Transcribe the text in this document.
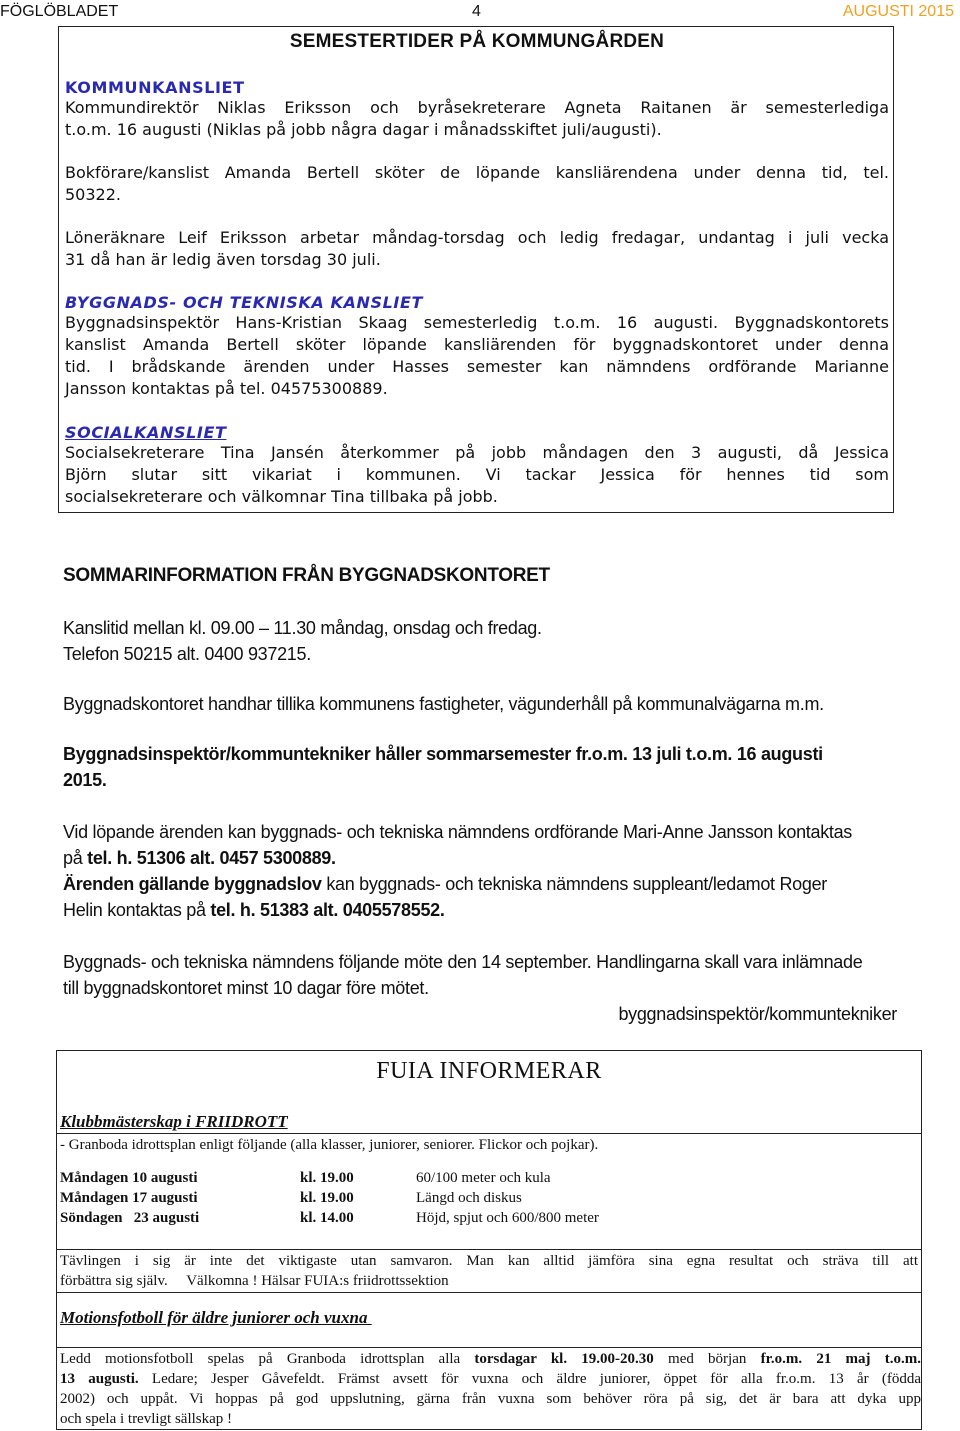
FÖGLÖBLADET	4	AUGUSTI 2015
SEMESTERTIDER PÅ KOMMUNGÅRDEN
KOMMUNKANSLIET
Kommundirektör Niklas Eriksson och byråsekreterare Agneta Raitanen är semesterlediga
t.o.m. 16 augusti (Niklas på jobb några dagar i månadsskiftet juli/augusti).
Bokförare/kanslist Amanda Bertell sköter de löpande kansliärendena under denna tid, tel.
50322.
Löneräknare Leif Eriksson arbetar måndag-torsdag och ledig fredagar, undantag i juli vecka
31 då han är ledig även torsdag 30 juli.
BYGGNADS- OCH TEKNISKA KANSLIET
Byggnadsinspektör Hans-Kristian Skaag semesterledig t.o.m. 16 augusti. Byggnadskontorets
kanslist Amanda Bertell sköter löpande kansliärenden för byggnadskontoret under denna
tid. I brådskande ärenden under Hasses semester kan nämndens ordförande Marianne
Jansson kontaktas på tel. 04575300889.
SOCIALKANSLIET
Socialsekreterare Tina Jansén återkommer på jobb måndagen den 3 augusti, då Jessica
Björn slutar sitt vikariat i kommunen. Vi tackar Jessica för hennes tid som
socialsekreterare och välkomnar Tina tillbaka på jobb.
SOMMARINFORMATION FRÅN BYGGNADSKONTORET
Kanslitid mellan kl. 09.00 – 11.30 måndag, onsdag och fredag.
Telefon 50215 alt. 0400 937215.
Byggnadskontoret handhar tillika kommunens fastigheter, vägunderhåll på kommunalvägarna m.m.
Byggnadsinspektör/kommuntekniker håller sommarsemester fr.o.m. 13 juli t.o.m. 16 augusti
2015.
Vid löpande ärenden kan byggnads- och tekniska nämndens ordförande Mari-Anne Jansson kontaktas
på tel. h. 51306 alt. 0457 5300889.
Ärenden gällande byggnadslov kan byggnads- och tekniska nämndens suppleant/ledamot Roger
Helin kontaktas på tel. h. 51383 alt. 0405578552.
Byggnads- och tekniska nämndens följande möte den 14 september. Handlingarna skall vara inlämnade
till byggnadskontoret minst 10 dagar före mötet.
byggnadsinspektör/kommuntekniker
FUIA INFORMERAR
Klubbmästerskap i FRIIDROTT
- Granboda idrottsplan enligt följande (alla klasser, juniorer, seniorer. Flickor och pojkar).
Måndagen 10 augusti	kl. 19.00	60/100 meter och kula
Måndagen 17 augusti	kl. 19.00	Längd och diskus
Söndagen   23 augusti	kl. 14.00	Höjd, spjut och 600/800 meter
Tävlingen i sig är inte det viktigaste utan samvaron. Man kan alltid jämföra sina egna resultat och sträva till att
förbättra sig själv.     Välkomna ! Hälsar FUIA:s friidrottssektion
Motionsfotboll för äldre juniorer och vuxna
Ledd motionsfotboll spelas på Granboda idrottsplan alla torsdagar kl. 19.00-20.30 med början fr.o.m. 21 maj t.o.m.
13 augusti. Ledare; Jesper Gåvefeldt. Främst avsett för vuxna och äldre juniorer, öppet för alla fr.o.m. 13 år (födda
2002) och uppåt. Vi hoppas på god uppslutning, gärna från vuxna som behöver röra på sig, det är bara att dyka upp
och spela i trevligt sällskap !
